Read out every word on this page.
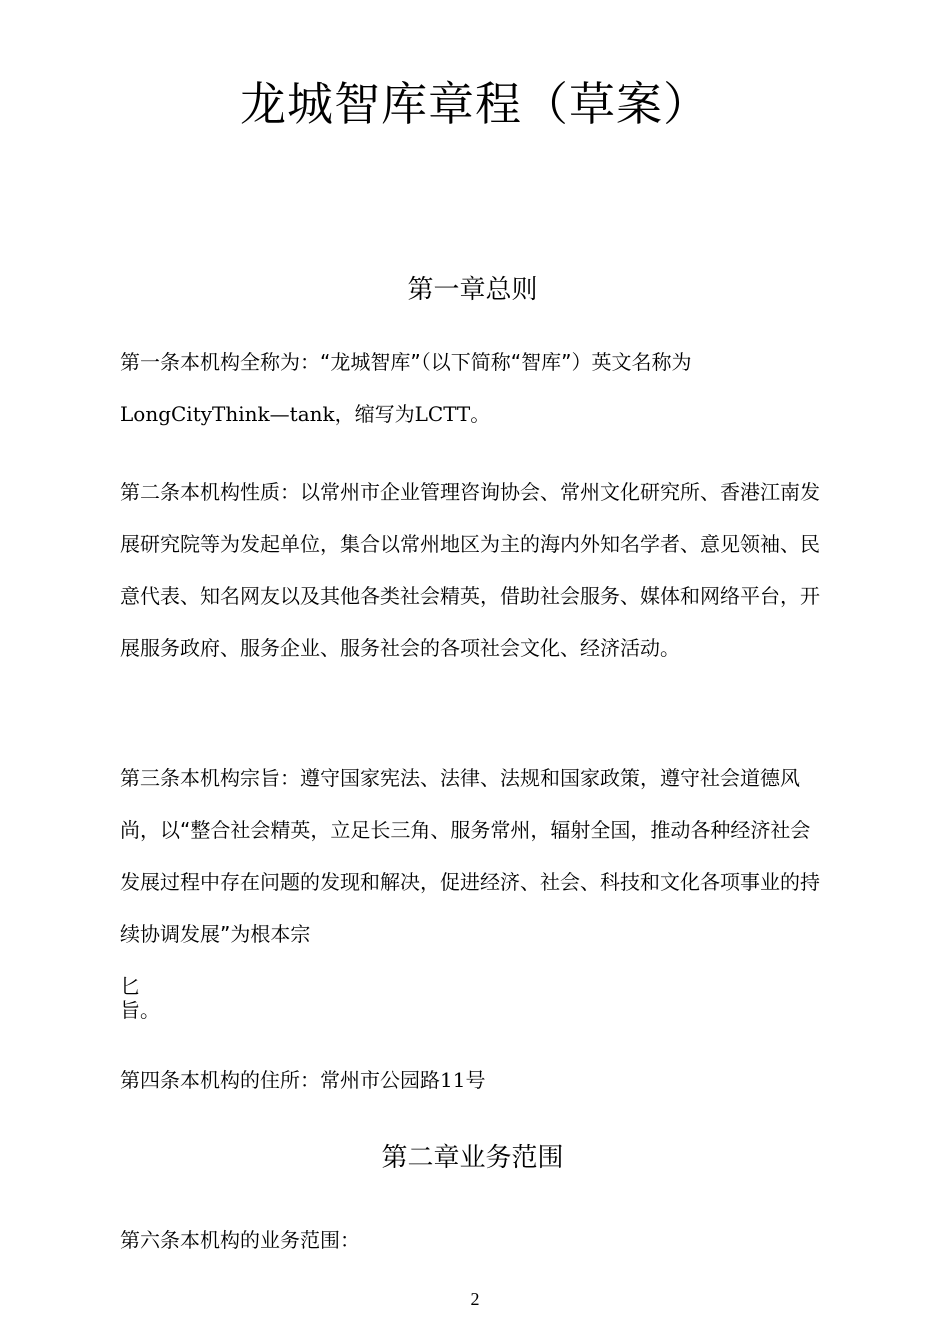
龙城智库章程（草案）
第一章总则

第一条本机构全称为：“龙城智库”（以下简称“智库”）英文名称为

LongCityThink—tank，缩写为LCTT。

第二条本机构性质：以常州市企业管理咨询协会、常州文化研究所、香港江南发展研究院等为发起单位，集合以常州地区为主的海内外知名学者、意见领袖、民意代表、知名网友以及其他各类社会精英，借助社会服务、媒体和网络平台，开展服务政府、服务企业、服务社会的各项社会文化、经济活动。

第三条本机构宗旨：遵守国家宪法、法律、法规和国家政策，遵守社会道德风尚，以“整合社会精英，立足长三角、服务常州，辐射全国，推动各种经济社会发展过程中存在问题的发现和解决，促进经济、社会、科技和文化各项事业的持续协调发展”为根本宗

匕

旨。

第四条本机构的住所：常州市公园路11号

第二章业务范围

第六条本机构的业务范围：

2
